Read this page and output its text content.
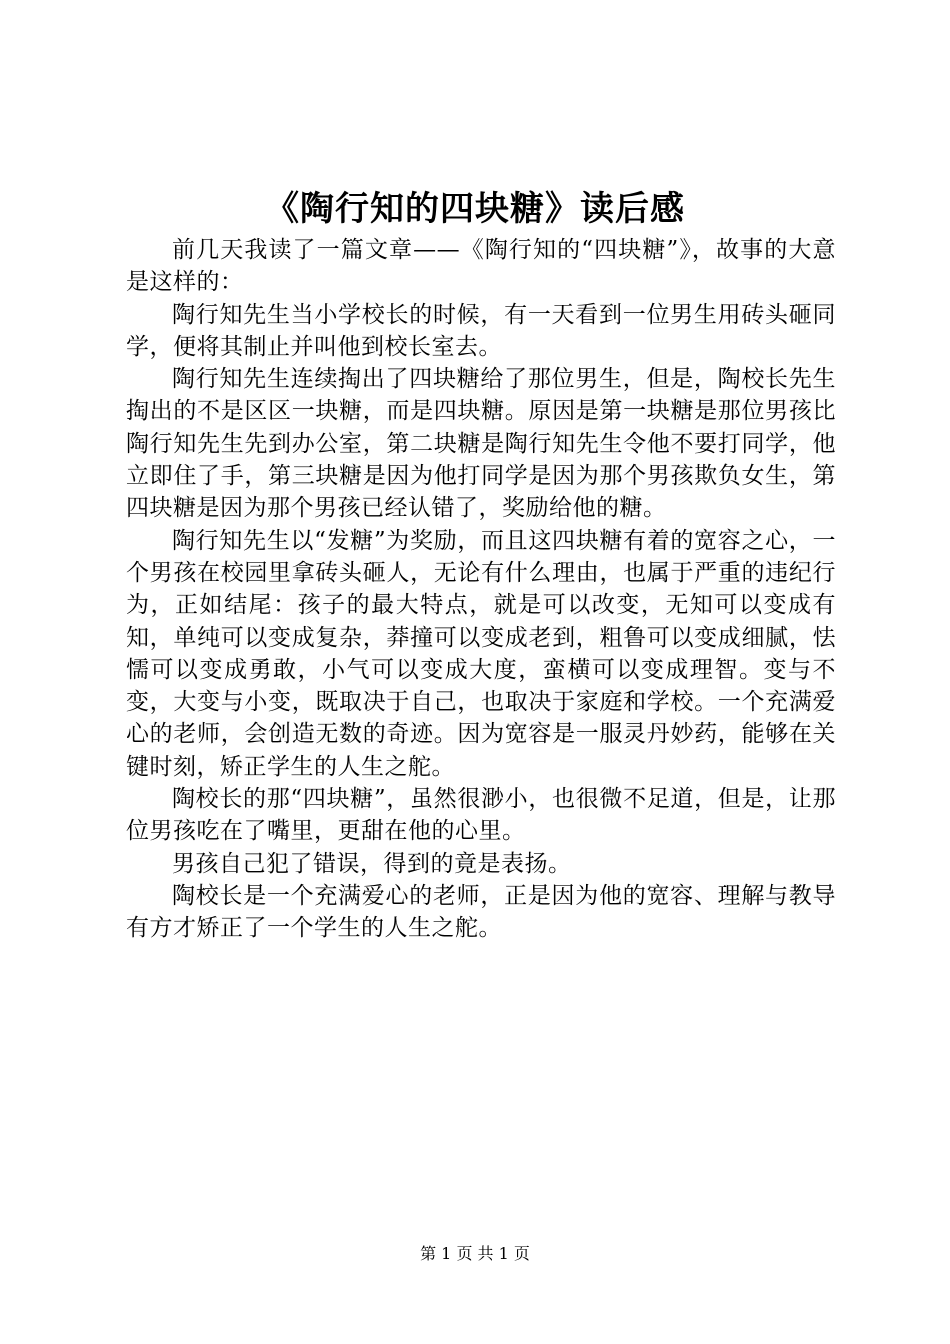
《陶行知的四块糖》读后感

前几天我读了一篇文章——《陶行知的“四块糖”》，故事的大意是这样的：

陶行知先生当小学校长的时候，有一天看到一位男生用砖头砸同学，便将其制止并叫他到校长室去。

陶行知先生连续掏出了四块糖给了那位男生，但是，陶校长先生掏出的不是区区一块糖，而是四块糖。原因是第一块糖是那位男孩比陶行知先生先到办公室，第二块糖是陶行知先生令他不要打同学，他立即住了手，第三块糖是因为他打同学是因为那个男孩欺负女生，第四块糖是因为那个男孩已经认错了，奖励给他的糖。

陶行知先生以“发糖”为奖励，而且这四块糖有着的宽容之心，一个男孩在校园里拿砖头砸人，无论有什么理由，也属于严重的违纪行为，正如结尾：孩子的最大特点，就是可以改变，无知可以变成有知，单纯可以变成复杂，莽撞可以变成老到，粗鲁可以变成细腻，怯懦可以变成勇敢，小气可以变成大度，蛮横可以变成理智。变与不变，大变与小变，既取决于自己，也取决于家庭和学校。一个充满爱心的老师，会创造无数的奇迹。因为宽容是一服灵丹妙药，能够在关键时刻，矫正学生的人生之舵。

陶校长的那“四块糖”，虽然很渺小，也很微不足道，但是，让那位男孩吃在了嘴里，更甜在他的心里。

男孩自己犯了错误，得到的竟是表扬。

陶校长是一个充满爱心的老师，正是因为他的宽容、理解与教导有方才矫正了一个学生的人生之舵。

第 1 页 共 1 页
